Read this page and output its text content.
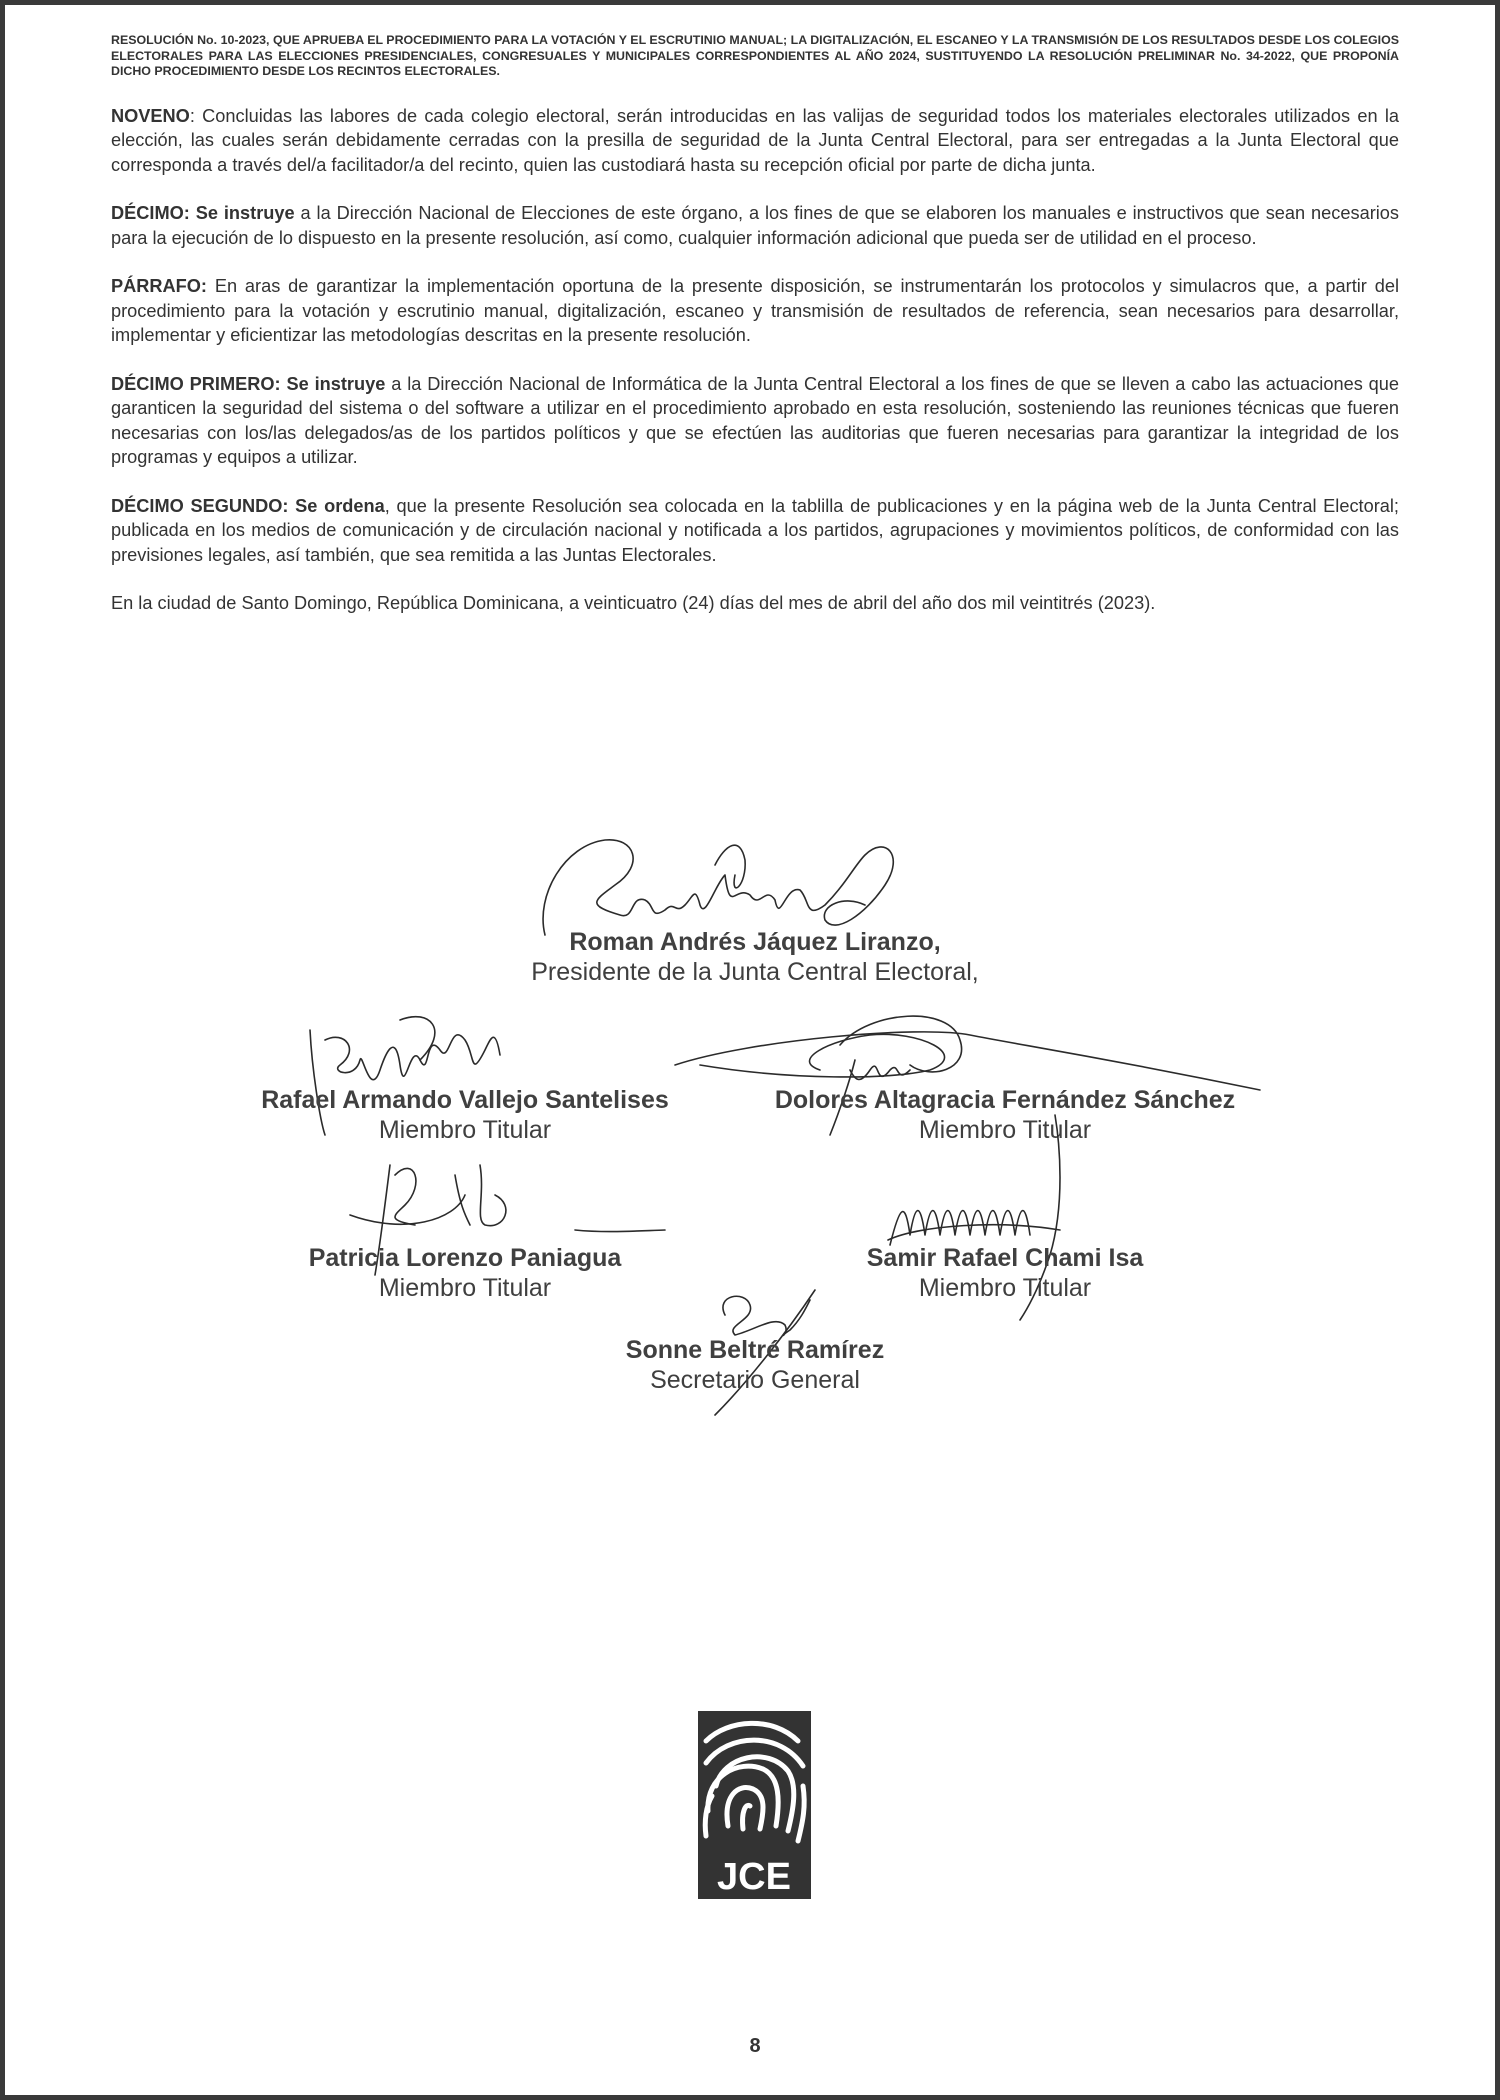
RESOLUCIÓN No. 10-2023, QUE APRUEBA EL PROCEDIMIENTO PARA LA VOTACIÓN Y EL ESCRUTINIO MANUAL; LA DIGITALIZACIÓN, EL ESCANEO Y LA TRANSMISIÓN DE LOS RESULTADOS DESDE LOS COLEGIOS ELECTORALES PARA LAS ELECCIONES PRESIDENCIALES, CONGRESUALES Y MUNICIPALES CORRESPONDIENTES AL AÑO 2024, SUSTITUYENDO LA RESOLUCIÓN PRELIMINAR No. 34-2022, QUE PROPONÍA DICHO PROCEDIMIENTO DESDE LOS RECINTOS ELECTORALES.

NOVENO: Concluidas las labores de cada colegio electoral, serán introducidas en las valijas de seguridad todos los materiales electorales utilizados en la elección, las cuales serán debidamente cerradas con la presilla de seguridad de la Junta Central Electoral, para ser entregadas a la Junta Electoral que corresponda a través del/a facilitador/a del recinto, quien las custodiará hasta su recepción oficial por parte de dicha junta.

DÉCIMO: Se instruye a la Dirección Nacional de Elecciones de este órgano, a los fines de que se elaboren los manuales e instructivos que sean necesarios para la ejecución de lo dispuesto en la presente resolución, así como, cualquier información adicional que pueda ser de utilidad en el proceso.

PÁRRAFO: En aras de garantizar la implementación oportuna de la presente disposición, se instrumentarán los protocolos y simulacros que, a partir del procedimiento para la votación y escrutinio manual, digitalización, escaneo y transmisión de resultados de referencia, sean necesarios para desarrollar, implementar y eficientizar las metodologías descritas en la presente resolución.

DÉCIMO PRIMERO: Se instruye a la Dirección Nacional de Informática de la Junta Central Electoral a los fines de que se lleven a cabo las actuaciones que garanticen la seguridad del sistema o del software a utilizar en el procedimiento aprobado en esta resolución, sosteniendo las reuniones técnicas que fueren necesarias con los/las delegados/as de los partidos políticos y que se efectúen las auditorias que fueren necesarias para garantizar la integridad de los programas y equipos a utilizar.

DÉCIMO SEGUNDO: Se ordena, que la presente Resolución sea colocada en la tablilla de publicaciones y en la página web de la Junta Central Electoral; publicada en los medios de comunicación y de circulación nacional y notificada a los partidos, agrupaciones y movimientos políticos, de conformidad con las previsiones legales, así también, que sea remitida a las Juntas Electorales.

En la ciudad de Santo Domingo, República Dominicana, a veinticuatro (24) días del mes de abril del año dos mil veintitrés (2023).

Roman Andrés Jáquez Liranzo,
Presidente de la Junta Central Electoral,
Rafael Armando Vallejo Santelises
Miembro Titular
Dolores Altagracia Fernández Sánchez
Miembro Titular
Patricia Lorenzo Paniagua
Miembro Titular
Samir Rafael Chami Isa
Miembro Titular
Sonne Beltré Ramírez
Secretario General
JCE
8
